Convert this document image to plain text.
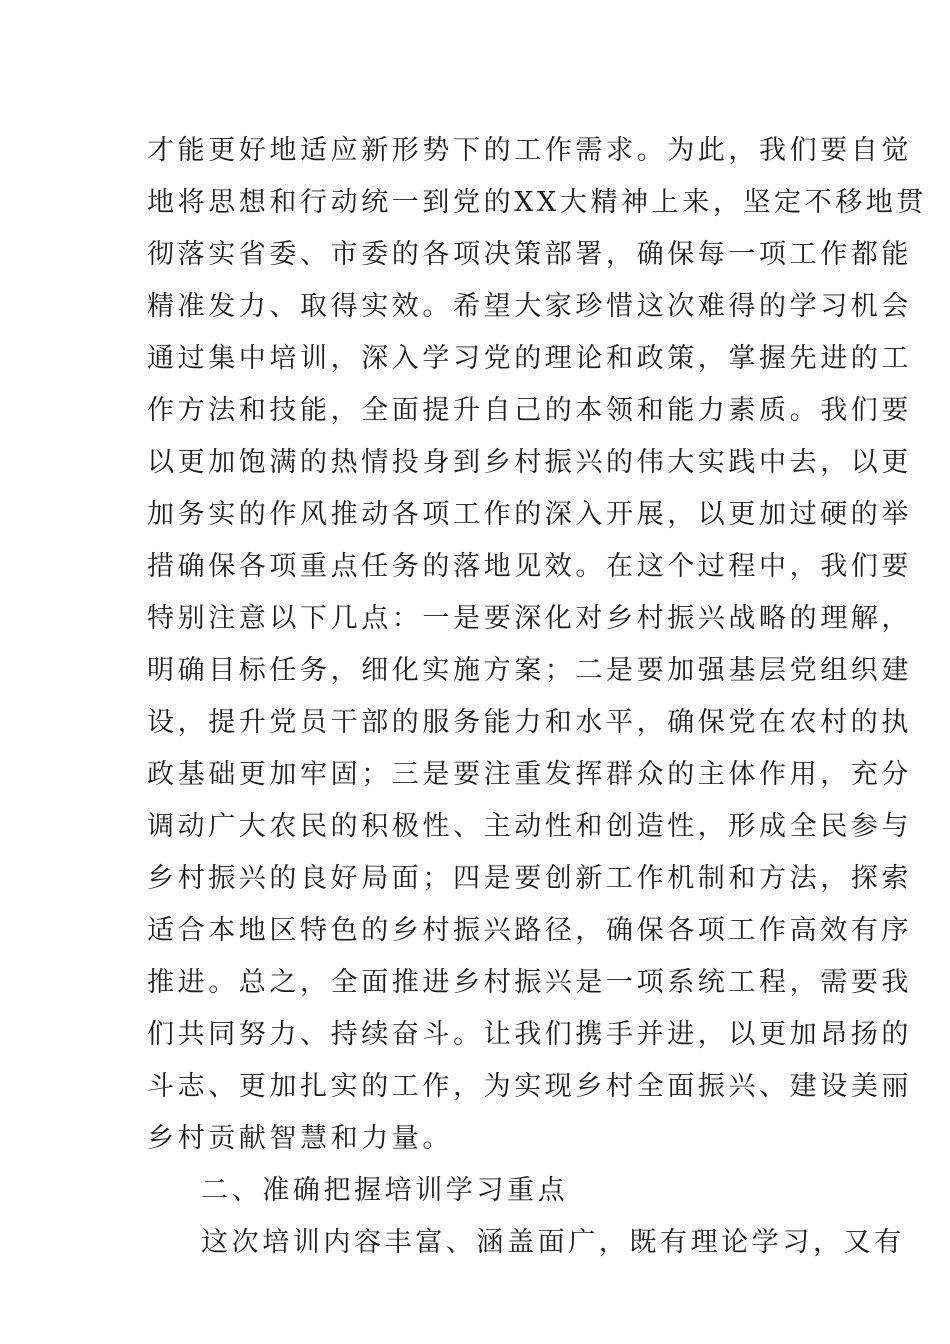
才能更好地适应新形势下的工作需求。为此，我们要自觉
地将思想和行动统一到党的XX大精神上来，坚定不移地贯
彻落实省委、市委的各项决策部署，确保每一项工作都能
精准发力、取得实效。希望大家珍惜这次难得的学习机会
通过集中培训，深入学习党的理论和政策，掌握先进的工
作方法和技能，全面提升自己的本领和能力素质。我们要
以更加饱满的热情投身到乡村振兴的伟大实践中去，以更
加务实的作风推动各项工作的深入开展，以更加过硬的举
措确保各项重点任务的落地见效。在这个过程中，我们要
特别注意以下几点：一是要深化对乡村振兴战略的理解，
明确目标任务，细化实施方案；二是要加强基层党组织建
设，提升党员干部的服务能力和水平，确保党在农村的执
政基础更加牢固；三是要注重发挥群众的主体作用，充分
调动广大农民的积极性、主动性和创造性，形成全民参与
乡村振兴的良好局面；四是要创新工作机制和方法，探索
适合本地区特色的乡村振兴路径，确保各项工作高效有序
推进。总之，全面推进乡村振兴是一项系统工程，需要我
们共同努力、持续奋斗。让我们携手并进，以更加昂扬的
斗志、更加扎实的工作，为实现乡村全面振兴、建设美丽
乡村贡献智慧和力量。
二、准确把握培训学习重点
这次培训内容丰富、涵盖面广，既有理论学习，又有
